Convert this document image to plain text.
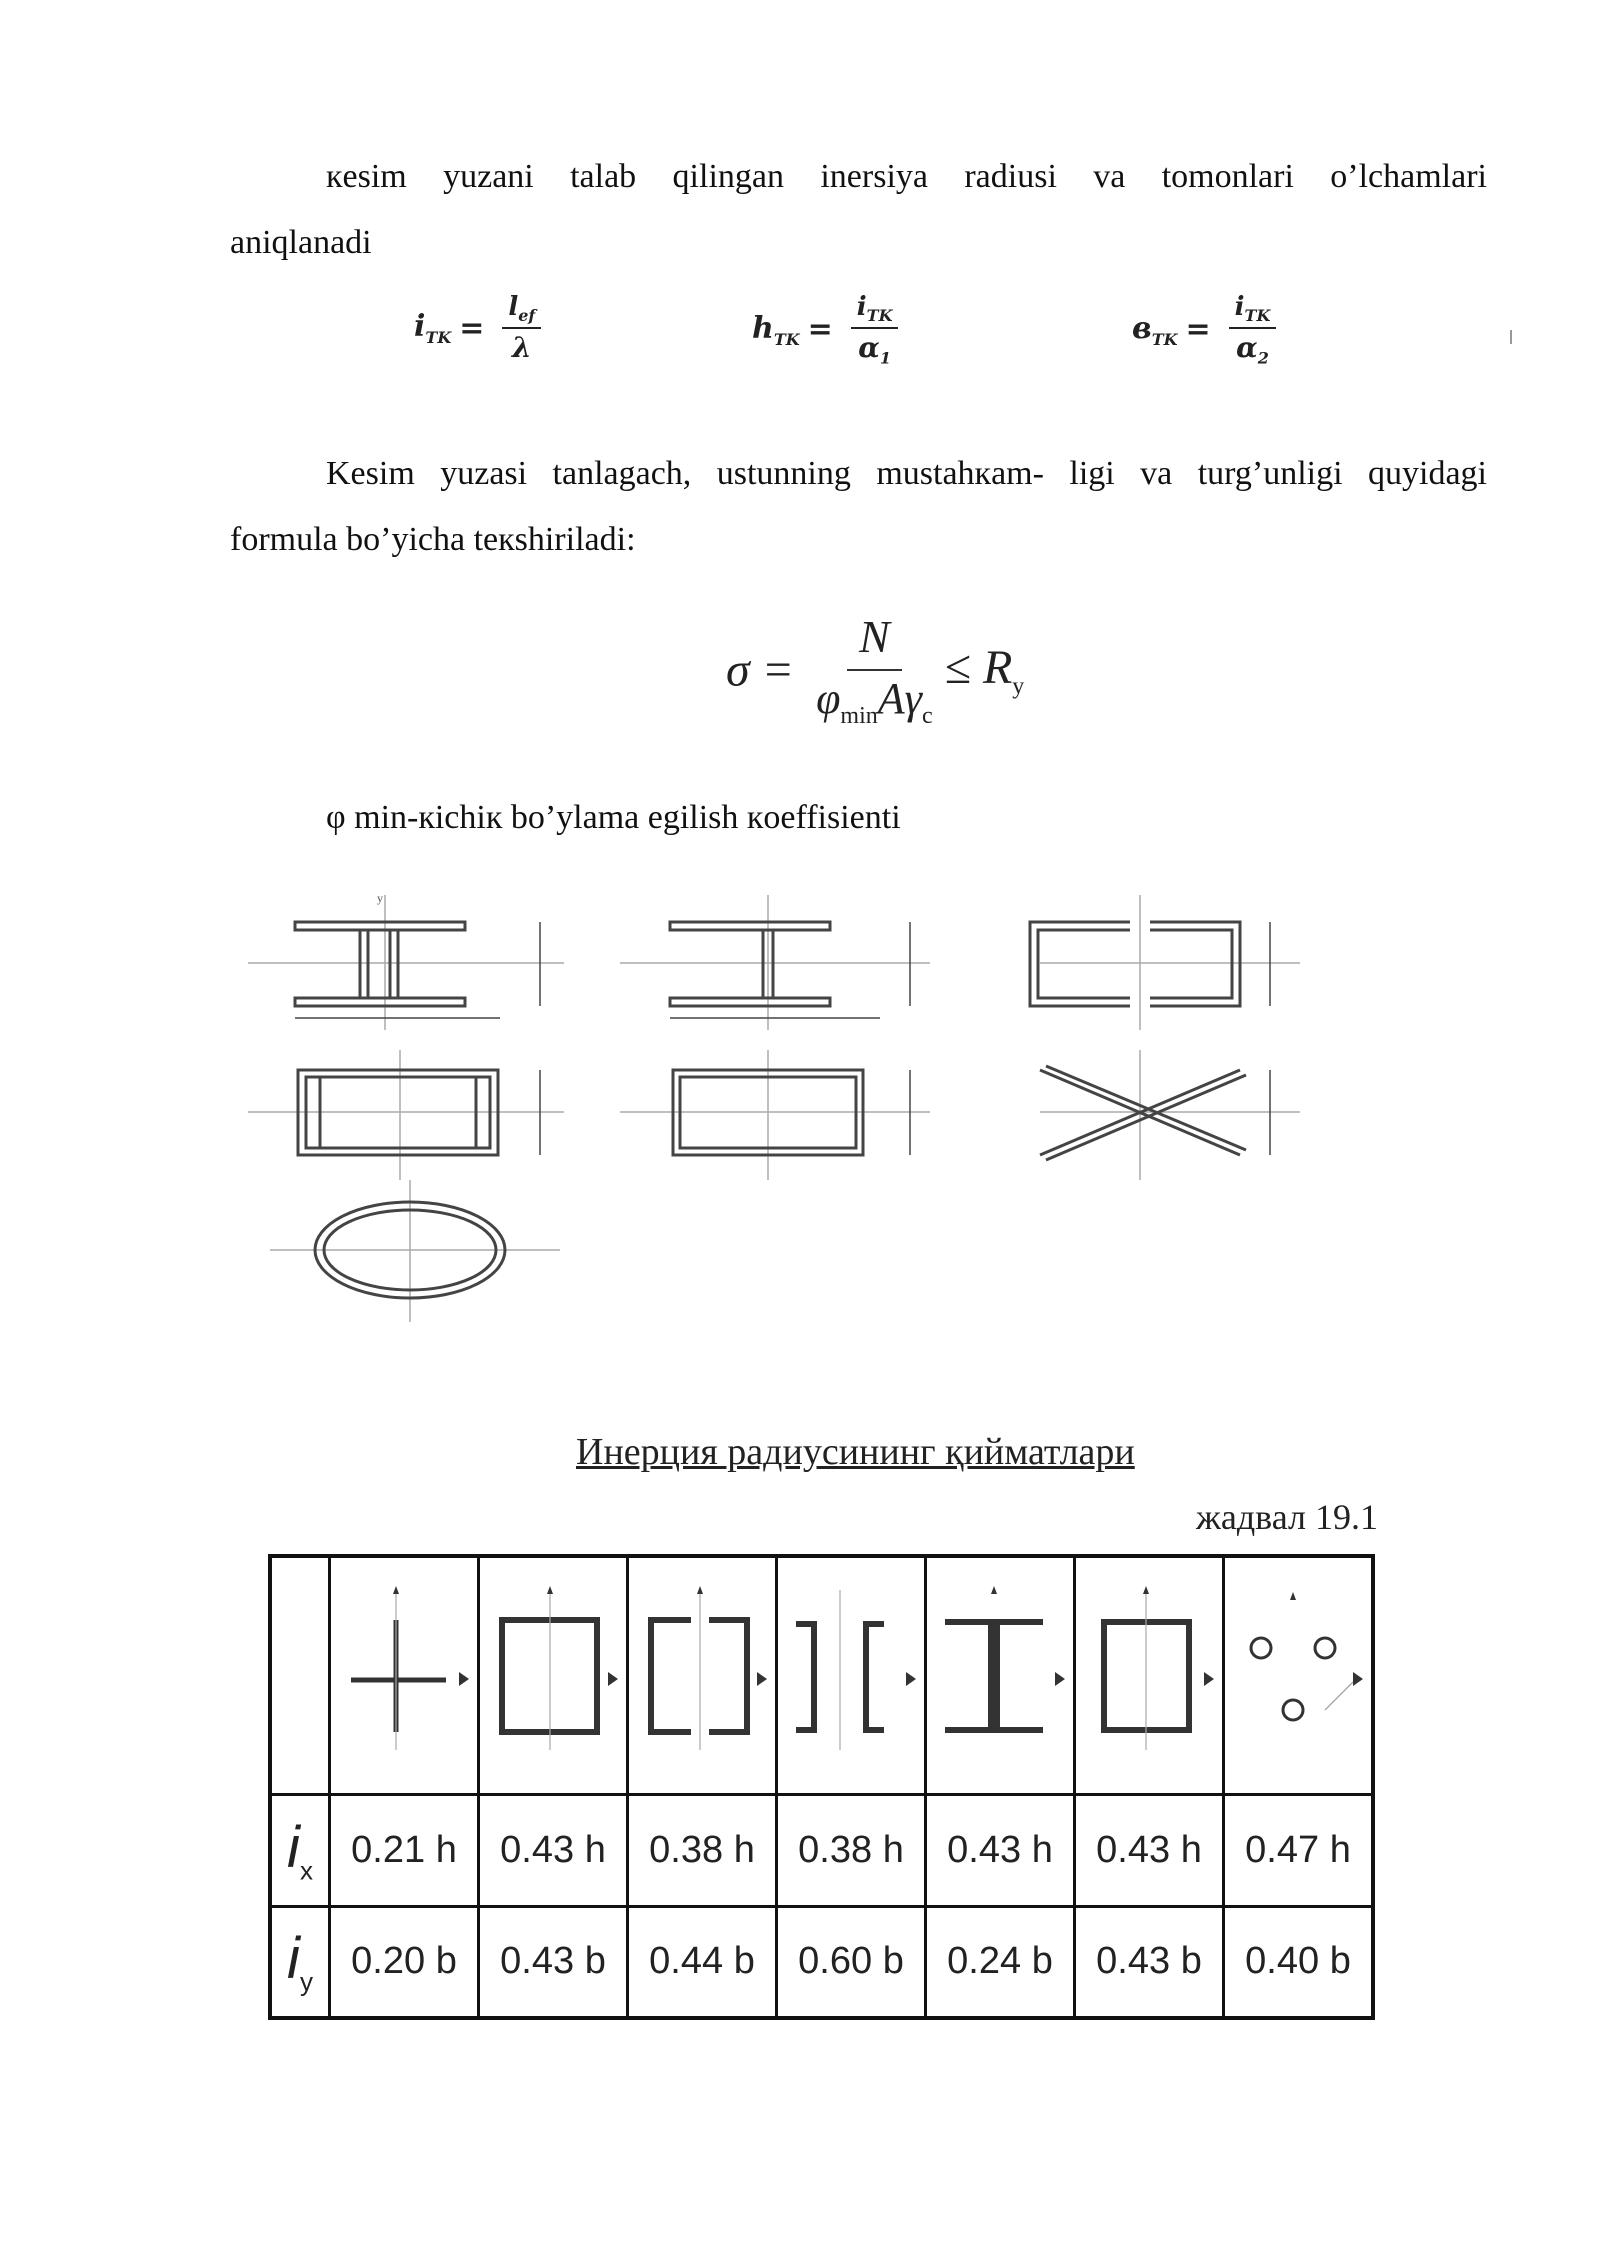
кesim yuzani talab qilingan inersiya radiusi va tomonlari o’lchamlari
aniqlanadi
$i_{TK} = \frac{l_{ef}}{\lambda}$	$h_{TK} = \frac{i_{TK}}{\alpha_1}$	$в_{TK} = \frac{i_{TK}}{\alpha_2}$
Kesim yuzasi tanlagach, ustunning mustahкam- ligi va turg’unligi quyidagi
formula bo’yicha teкshiriladi:
$\sigma = \frac{N}{\varphi_{min}A\gamma_c} \le R_y$
φ min-кichiк bo’ylama egilish кoeffisienti
y
Инерция радиусининг қийматлари
жадвал 19.1

$i_x$	0.21 h	0.43 h	0.38 h	0.38 h	0.43 h	0.43 h	0.47 h
$i_y$	0.20 b	0.43 b	0.44 b	0.60 b	0.24 b	0.43 b	0.40 b
